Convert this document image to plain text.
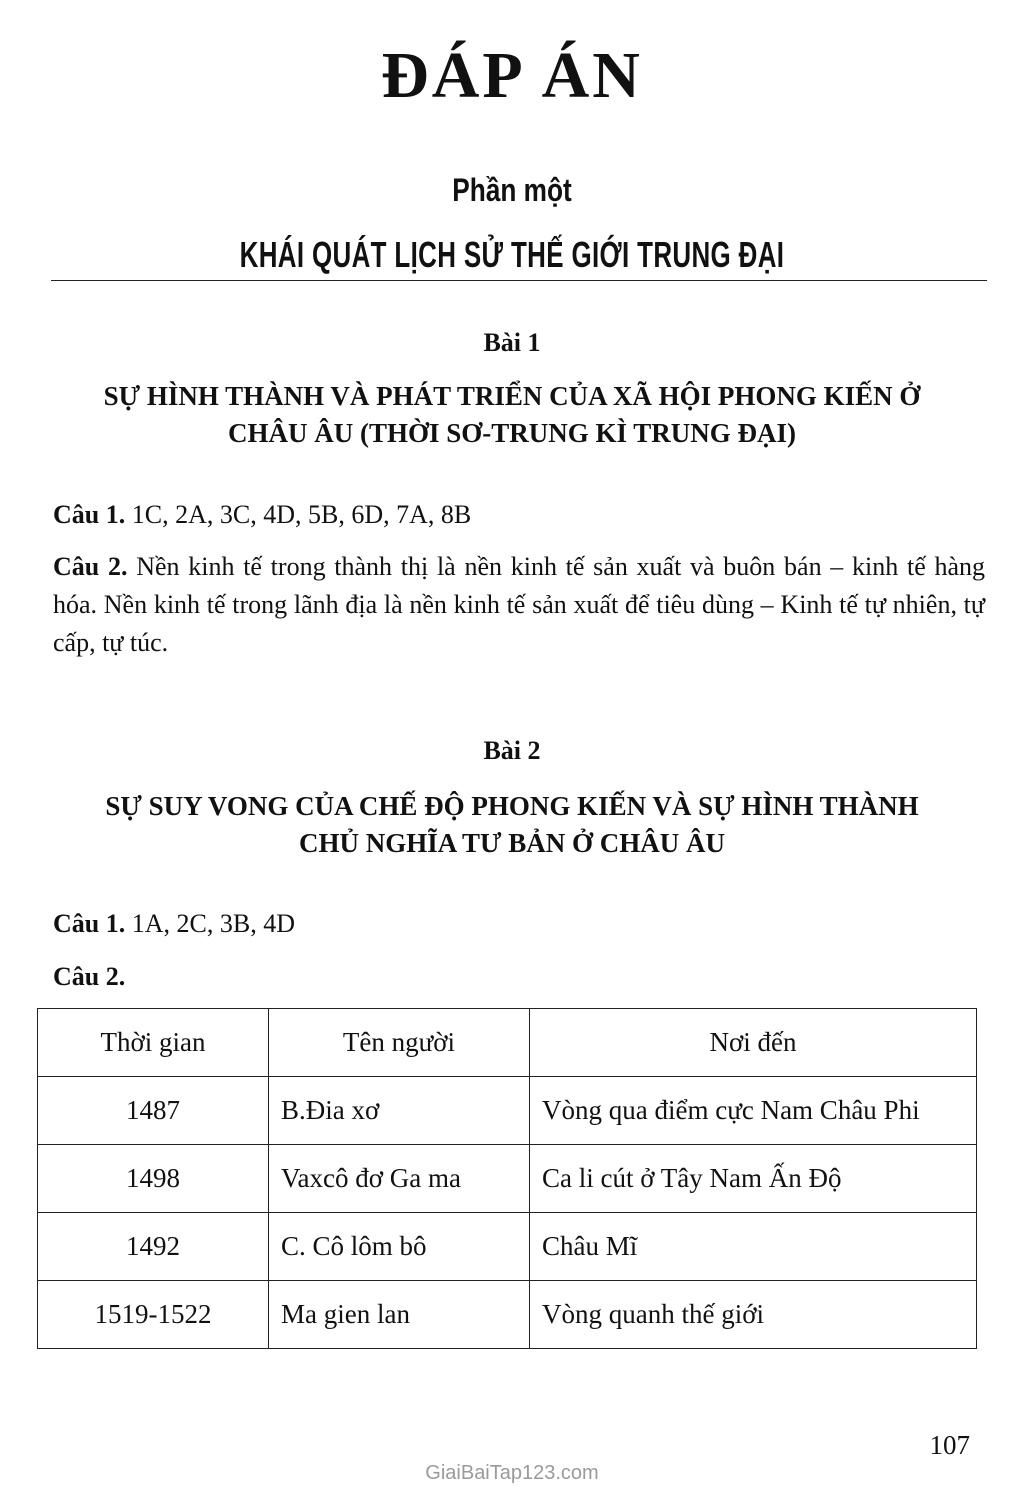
ĐÁP ÁN
Phần một
KHÁI QUÁT LỊCH SỬ THẾ GIỚI TRUNG ĐẠI
Bài 1
SỰ HÌNH THÀNH VÀ PHÁT TRIỂN CỦA XÃ HỘI PHONG KIẾN Ở
CHÂU ÂU (THỜI SƠ-TRUNG KÌ TRUNG ĐẠI)
Câu 1. 1C, 2A, 3C, 4D, 5B, 6D, 7A, 8B
Câu 2. Nền kinh tế trong thành thị là nền kinh tế sản xuất và buôn bán – kinh tế hàng hóa. Nền kinh tế trong lãnh địa là nền kinh tế sản xuất để tiêu dùng – Kinh tế tự nhiên, tự cấp, tự túc.
Bài 2
SỰ SUY VONG CỦA CHẾ ĐỘ PHONG KIẾN VÀ SỰ HÌNH THÀNH
CHỦ NGHĨA TƯ BẢN Ở CHÂU ÂU
Câu 1. 1A, 2C, 3B, 4D
Câu 2.
Thời gian	Tên người	Nơi đến
1487	B.Đia xơ	Vòng qua điểm cực Nam Châu Phi
1498	Vaxcô đơ Ga ma	Ca li cút ở Tây Nam Ấn Độ
1492	C. Cô lôm bô	Châu Mĩ
1519-1522	Ma gien lan	Vòng quanh thế giới
107
GiaiBaiTap123.com
